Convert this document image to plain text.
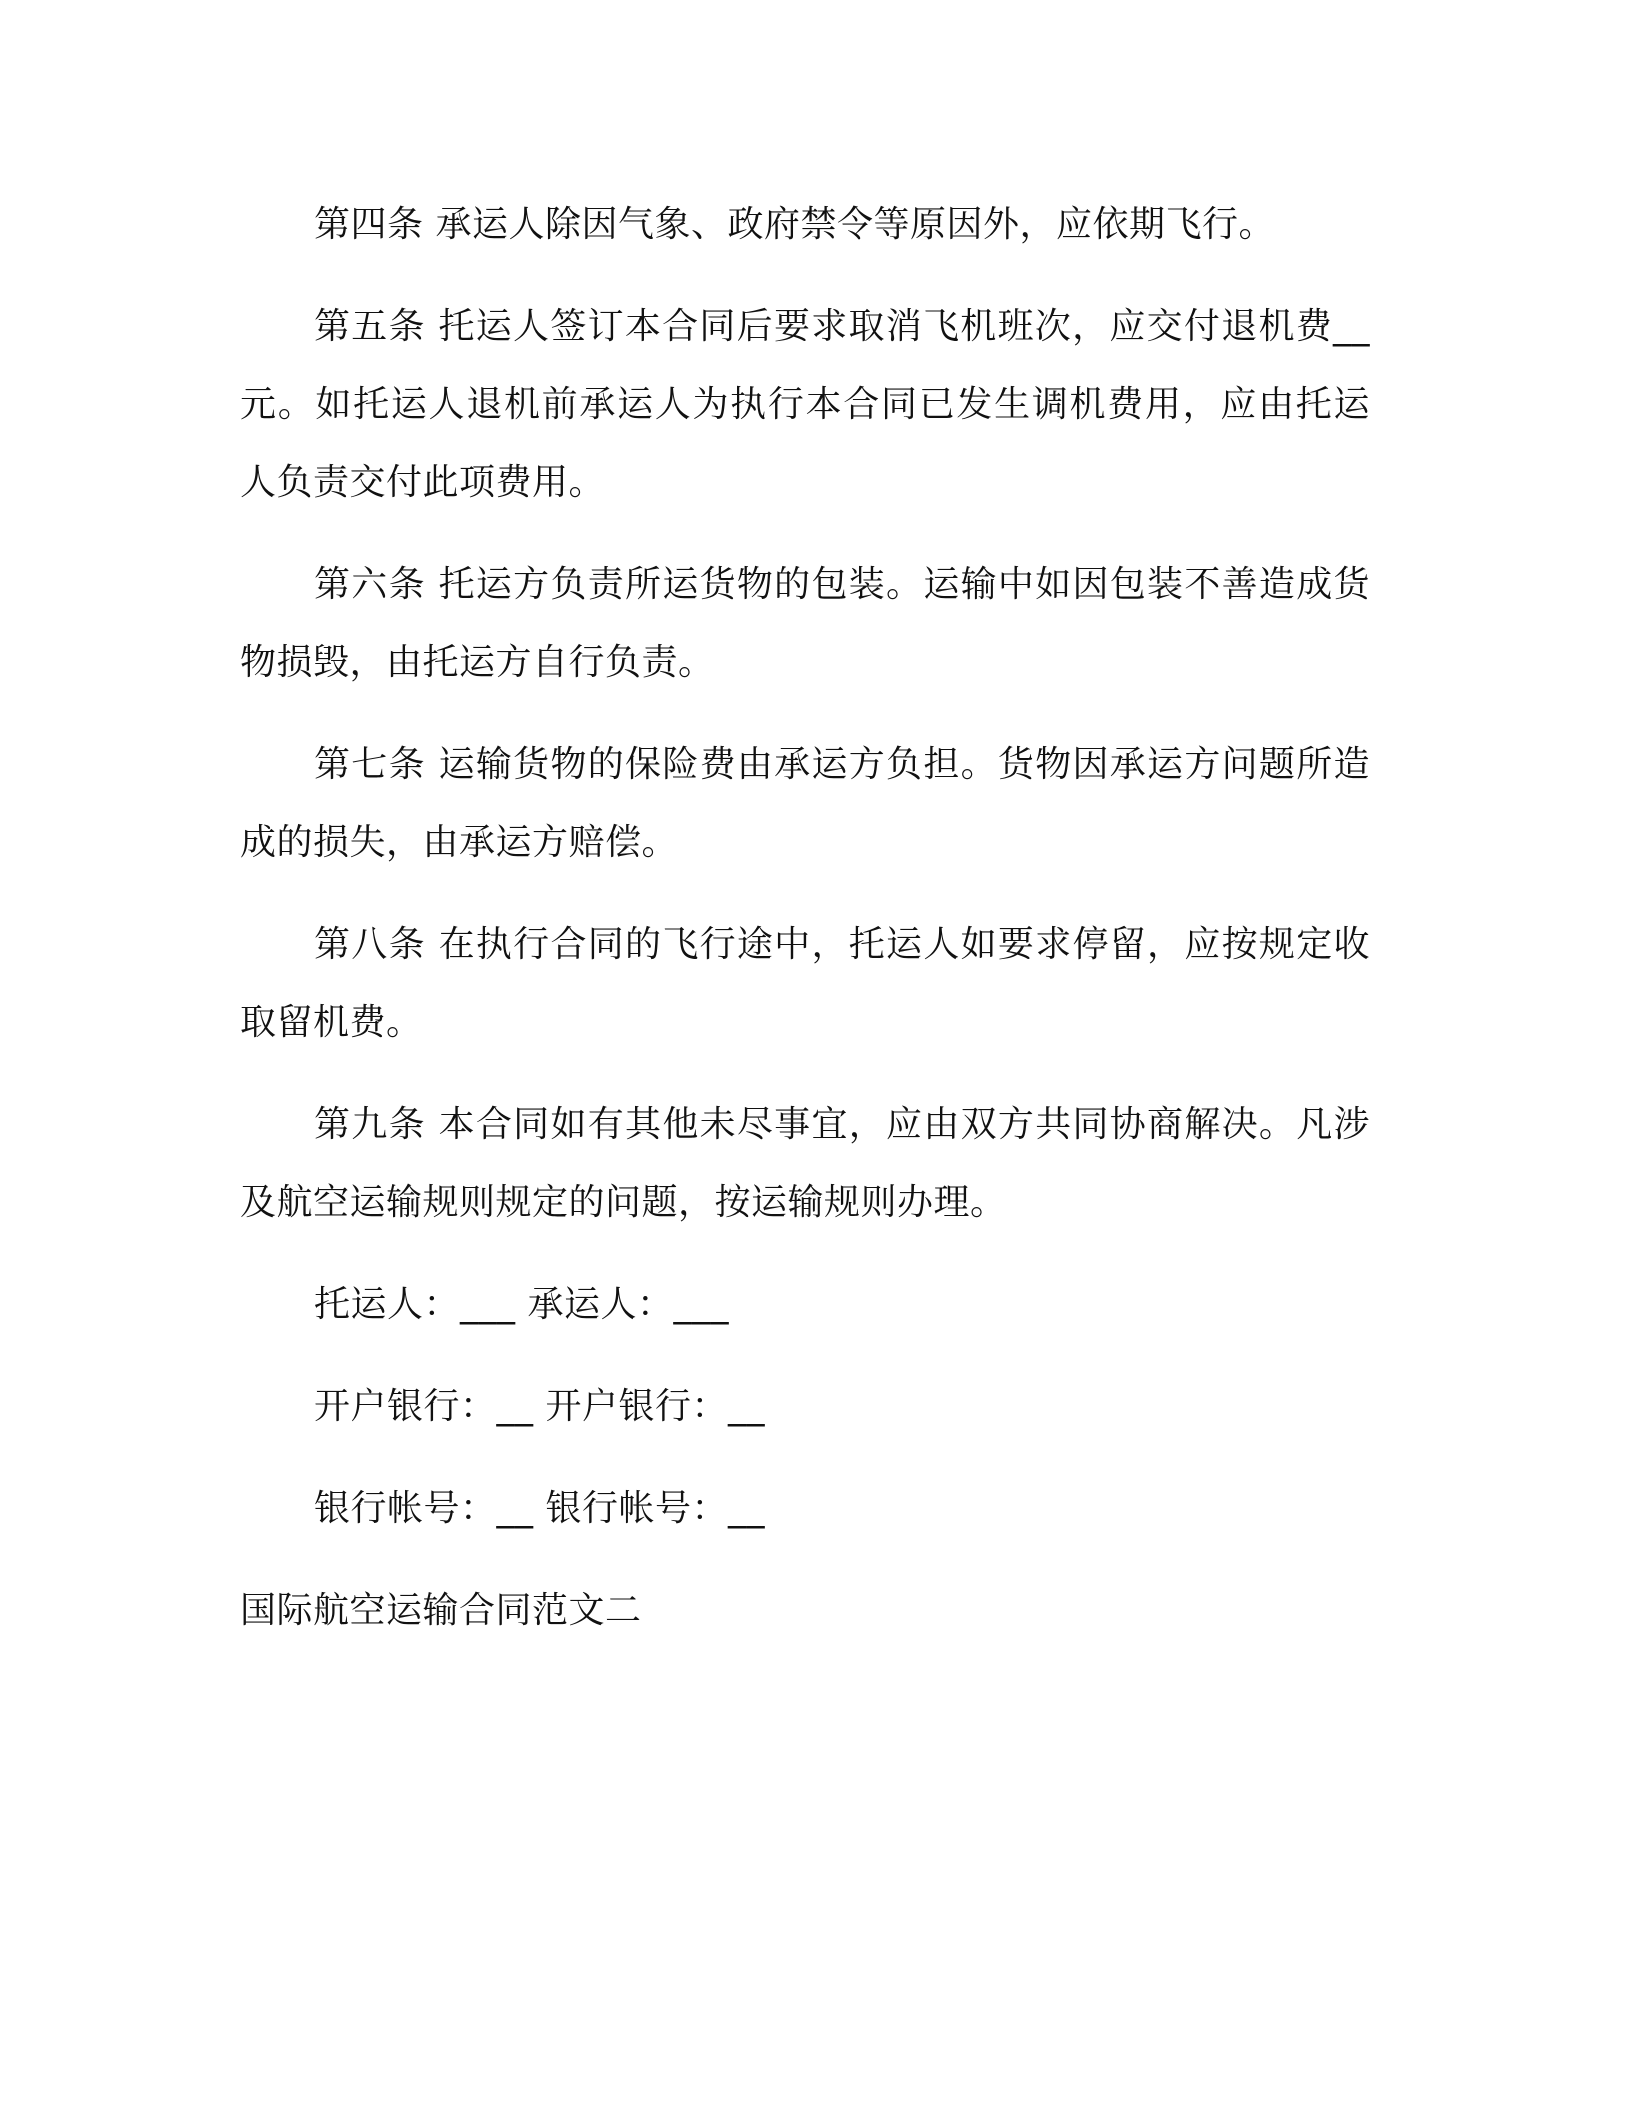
第四条 承运人除因气象、政府禁令等原因外，应依期飞行。

第五条 托运人签订本合同后要求取消飞机班次，应交付退机费__元。如托运人退机前承运人为执行本合同已发生调机费用，应由托运人负责交付此项费用。

第六条 托运方负责所运货物的包装。运输中如因包装不善造成货物损毁，由托运方自行负责。

第七条 运输货物的保险费由承运方负担。货物因承运方问题所造成的损失，由承运方赔偿。

第八条 在执行合同的飞行途中，托运人如要求停留，应按规定收取留机费。

第九条 本合同如有其他未尽事宜，应由双方共同协商解决。凡涉及航空运输规则规定的问题，按运输规则办理。

托运人：___ 承运人：___

开户银行：__ 开户银行：__

银行帐号：__ 银行帐号：__

国际航空运输合同范文二
